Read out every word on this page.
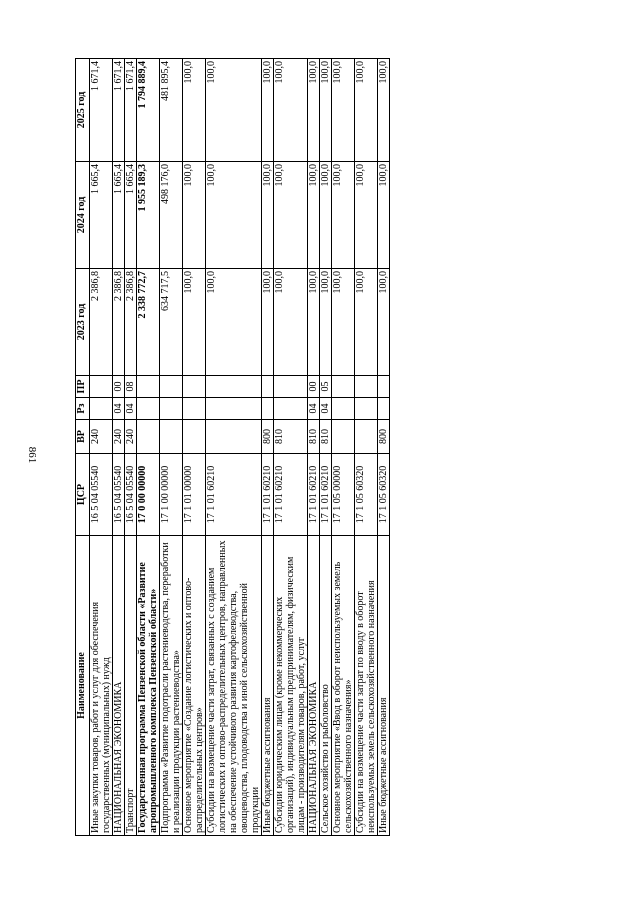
861
Наименование	ЦСР	ВР	Рз	ПР	2023 год	2024 год	2025 год
Иные закупки товаров, работ и услуг для обеспечения государственных (муниципальных) нужд	16 5 04 05540	240			2 386,8	1 665,4	1 671,4
НАЦИОНАЛЬНАЯ ЭКОНОМИКА	16 5 04 05540	240	04	00	2 386,8	1 665,4	1 671,4
Транспорт	16 5 04 05540	240	04	08	2 386,8	1 665,4	1 671,4
Государственная программа Пензенской области «Развитие агропромышленного комплекса Пензенской области»	17 0 00 00000				2 338 772,7	1 955 189,3	1 794 889,4
Подпрограмма «Развитие подотрасли растениеводства, переработки и реализации продукции растениеводства»	17 1 00 00000				634 717,5	498 176,0	481 895,4
Основное мероприятие «Создание логистических и оптово-распределительных центров»	17 1 01 00000				100,0	100,0	100,0
Субсидии на возмещение части затрат, связанных с созданием логистических и оптово-распределительных центров, направленных на обеспечение устойчивого развития картофелеводства, овощеводства, плодоводства и иной сельскохозяйственной продукции	17 1 01 60210				100,0	100,0	100,0
Иные бюджетные ассигнования	17 1 01 60210	800			100,0	100,0	100,0
Субсидии юридическим лицам (кроме некоммерческих организаций), индивидуальным предпринимателям, физическим лицам - производителям товаров, работ, услуг	17 1 01 60210	810			100,0	100,0	100,0
НАЦИОНАЛЬНАЯ ЭКОНОМИКА	17 1 01 60210	810	04	00	100,0	100,0	100,0
Сельское хозяйство и рыболовство	17 1 01 60210	810	04	05	100,0	100,0	100,0
Основное мероприятие «Ввод в оборот неиспользуемых земель сельскохозяйственного назначения»	17 1 05 00000				100,0	100,0	100,0
Субсидии на возмещение части затрат по вводу в оборот неиспользуемых земель сельскохозяйственного назначения	17 1 05 60320				100,0	100,0	100,0
Иные бюджетные ассигнования	17 1 05 60320	800			100,0	100,0	100,0
